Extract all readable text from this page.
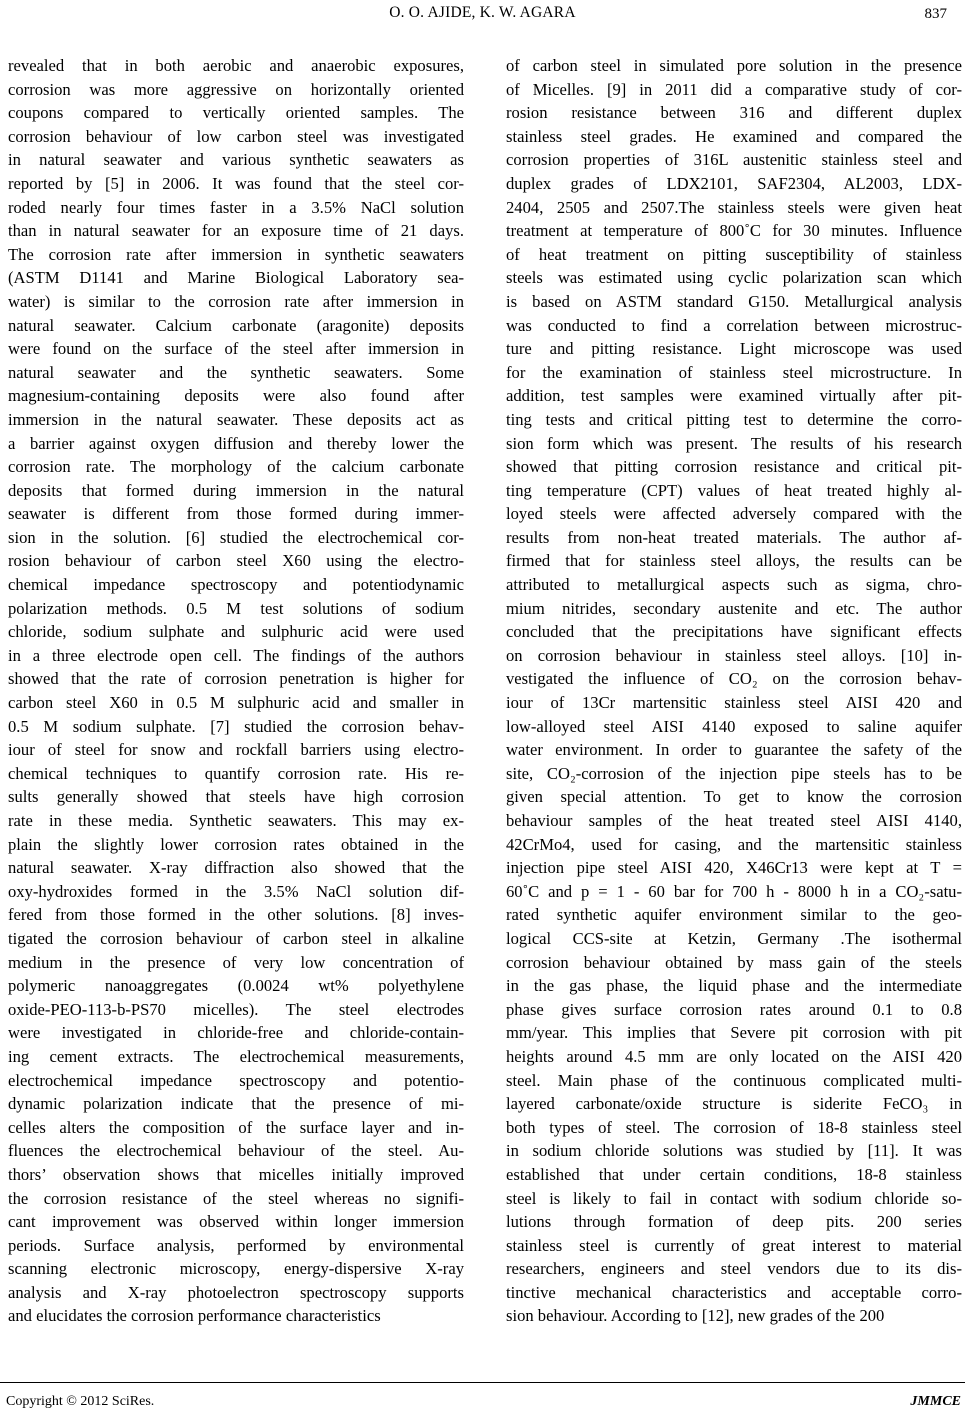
O. O. AJIDE, K. W. AGARA	837
revealed that in both aerobic and anaerobic exposures,
corrosion was more aggressive on horizontally oriented
coupons compared to vertically oriented samples. The
corrosion behaviour of low carbon steel was investigated
in natural seawater and various synthetic seawaters as
reported by [5] in 2006. It was found that the steel cor-
roded nearly four times faster in a 3.5% NaCl solution
than in natural seawater for an exposure time of 21 days.
The corrosion rate after immersion in synthetic seawaters
(ASTM D1141 and Marine Biological Laboratory sea-
water) is similar to the corrosion rate after immersion in
natural seawater. Calcium carbonate (aragonite) deposits
were found on the surface of the steel after immersion in
natural seawater and the synthetic seawaters. Some
magnesium-containing deposits were also found after
immersion in the natural seawater. These deposits act as
a barrier against oxygen diffusion and thereby lower the
corrosion rate. The morphology of the calcium carbonate
deposits that formed during immersion in the natural
seawater is different from those formed during immer-
sion in the solution. [6] studied the electrochemical cor-
rosion behaviour of carbon steel X60 using the electro-
chemical impedance spectroscopy and potentiodynamic
polarization methods. 0.5 M test solutions of sodium
chloride, sodium sulphate and sulphuric acid were used
in a three electrode open cell. The findings of the authors
showed that the rate of corrosion penetration is higher for
carbon steel X60 in 0.5 M sulphuric acid and smaller in
0.5 M sodium sulphate. [7] studied the corrosion behav-
iour of steel for snow and rockfall barriers using electro-
chemical techniques to quantify corrosion rate. His re-
sults generally showed that steels have high corrosion
rate in these media. Synthetic seawaters. This may ex-
plain the slightly lower corrosion rates obtained in the
natural seawater. X-ray diffraction also showed that the
oxy-hydroxides formed in the 3.5% NaCl solution dif-
fered from those formed in the other solutions. [8] inves-
tigated the corrosion behaviour of carbon steel in alkaline
medium in the presence of very low concentration of
polymeric nanoaggregates (0.0024 wt% polyethylene
oxide-PEO-113-b-PS70 micelles). The steel electrodes
were investigated in chloride-free and chloride-contain-
ing cement extracts. The electrochemical measurements,
electrochemical impedance spectroscopy and potentio-
dynamic polarization indicate that the presence of mi-
celles alters the composition of the surface layer and in-
fluences the electrochemical behaviour of the steel. Au-
thors’ observation shows that micelles initially improved
the corrosion resistance of the steel whereas no signifi-
cant improvement was observed within longer immersion
periods. Surface analysis, performed by environmental
scanning electronic microscopy, energy-dispersive X-ray
analysis and X-ray photoelectron spectroscopy supports
and elucidates the corrosion performance characteristics
of carbon steel in simulated pore solution in the presence
of Micelles. [9] in 2011 did a comparative study of cor-
rosion resistance between 316 and different duplex
stainless steel grades. He examined and compared the
corrosion properties of 316L austenitic stainless steel and
duplex grades of LDX2101, SAF2304, AL2003, LDX-
2404, 2505 and 2507.The stainless steels were given heat
treatment at temperature of 800˚C for 30 minutes. Influence
of heat treatment on pitting susceptibility of stainless
steels was estimated using cyclic polarization scan which
is based on ASTM standard G150. Metallurgical analysis
was conducted to find a correlation between microstruc-
ture and pitting resistance. Light microscope was used
for the examination of stainless steel microstructure. In
addition, test samples were examined virtually after pit-
ting tests and critical pitting test to determine the corro-
sion form which was present. The results of his research
showed that pitting corrosion resistance and critical pit-
ting temperature (CPT) values of heat treated highly al-
loyed steels were affected adversely compared with the
results from non-heat treated materials. The author af-
firmed that for stainless steel alloys, the results can be
attributed to metallurgical aspects such as sigma, chro-
mium nitrides, secondary austenite and etc. The author
concluded that the precipitations have significant effects
on corrosion behaviour in stainless steel alloys. [10] in-
vestigated the influence of CO₂ on the corrosion behav-
iour of 13Cr martensitic stainless steel AISI 420 and
low-alloyed steel AISI 4140 exposed to saline aquifer
water environment. In order to guarantee the safety of the
site, CO₂-corrosion of the injection pipe steels has to be
given special attention. To get to know the corrosion
behaviour samples of the heat treated steel AISI 4140,
42CrMo4, used for casing, and the martensitic stainless
injection pipe steel AISI 420, X46Cr13 were kept at T =
60˚C and p = 1 - 60 bar for 700 h - 8000 h in a CO₂-satu-
rated synthetic aquifer environment similar to the geo-
logical CCS-site at Ketzin, Germany .The isothermal
corrosion behaviour obtained by mass gain of the steels
in the gas phase, the liquid phase and the intermediate
phase gives surface corrosion rates around 0.1 to 0.8
mm/year. This implies that Severe pit corrosion with pit
heights around 4.5 mm are only located on the AISI 420
steel. Main phase of the continuous complicated multi-
layered carbonate/oxide structure is siderite FeCO₃ in
both types of steel. The corrosion of 18-8 stainless steel
in sodium chloride solutions was studied by [11]. It was
established that under certain conditions, 18-8 stainless
steel is likely to fail in contact with sodium chloride so-
lutions through formation of deep pits. 200 series
stainless steel is currently of great interest to material
researchers, engineers and steel vendors due to its dis-
tinctive mechanical characteristics and acceptable corro-
sion behaviour. According to [12], new grades of the 200
Copyright © 2012 SciRes.	JMMCE
